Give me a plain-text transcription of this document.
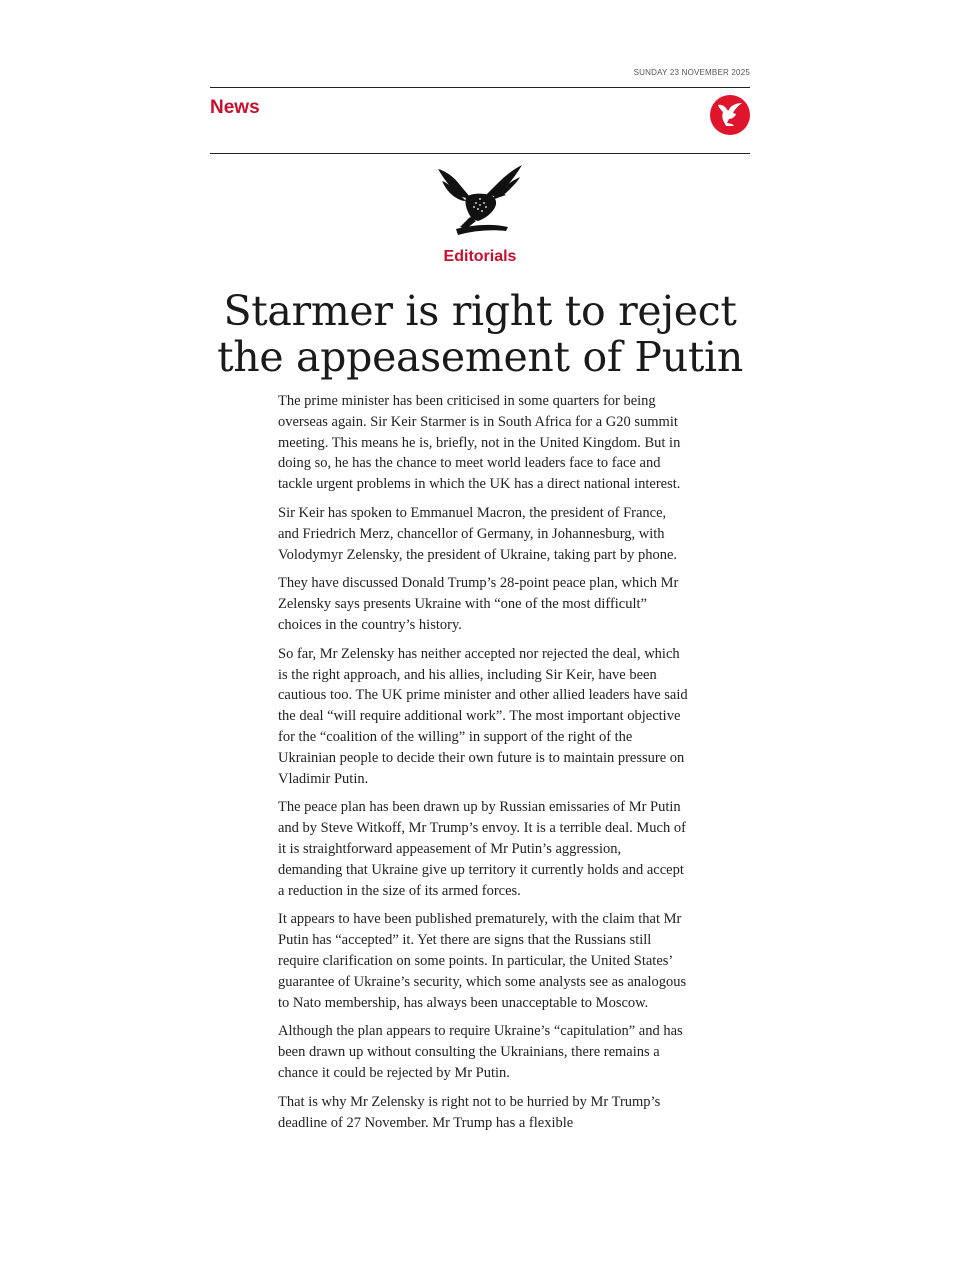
SUNDAY 23 NOVEMBER 2025
News
Editorials
Starmer is right to reject
the appeasement of Putin

The prime minister has been criticised in some quarters for being overseas again. Sir Keir Starmer is in South Africa for a G20 summit meeting. This means he is, briefly, not in the United Kingdom. But in doing so, he has the chance to meet world leaders face to face and tackle urgent problems in which the UK has a direct national interest.

Sir Keir has spoken to Emmanuel Macron, the president of France, and Friedrich Merz, chancellor of Germany, in Johannesburg, with Volodymyr Zelensky, the president of Ukraine, taking part by phone.

They have discussed Donald Trump’s 28-point peace plan, which Mr Zelensky says presents Ukraine with “one of the most difficult” choices in the country’s history.

So far, Mr Zelensky has neither accepted nor rejected the deal, which is the right approach, and his allies, including Sir Keir, have been cautious too. The UK prime minister and other allied leaders have said the deal “will require additional work”. The most important objective for the “coalition of the willing” in support of the right of the Ukrainian people to decide their own future is to maintain pressure on Vladimir Putin.

The peace plan has been drawn up by Russian emissaries of Mr Putin and by Steve Witkoff, Mr Trump’s envoy. It is a terrible deal. Much of it is straightforward appeasement of Mr Putin’s aggression, demanding that Ukraine give up territory it currently holds and accept a reduction in the size of its armed forces.

It appears to have been published prematurely, with the claim that Mr Putin has “accepted” it. Yet there are signs that the Russians still require clarification on some points. In particular, the United States’ guarantee of Ukraine’s security, which some analysts see as analogous to Nato membership, has always been unacceptable to Moscow.

Although the plan appears to require Ukraine’s “capitulation” and has been drawn up without consulting the Ukrainians, there remains a chance it could be rejected by Mr Putin.

That is why Mr Zelensky is right not to be hurried by Mr Trump’s deadline of 27 November. Mr Trump has a flexible
